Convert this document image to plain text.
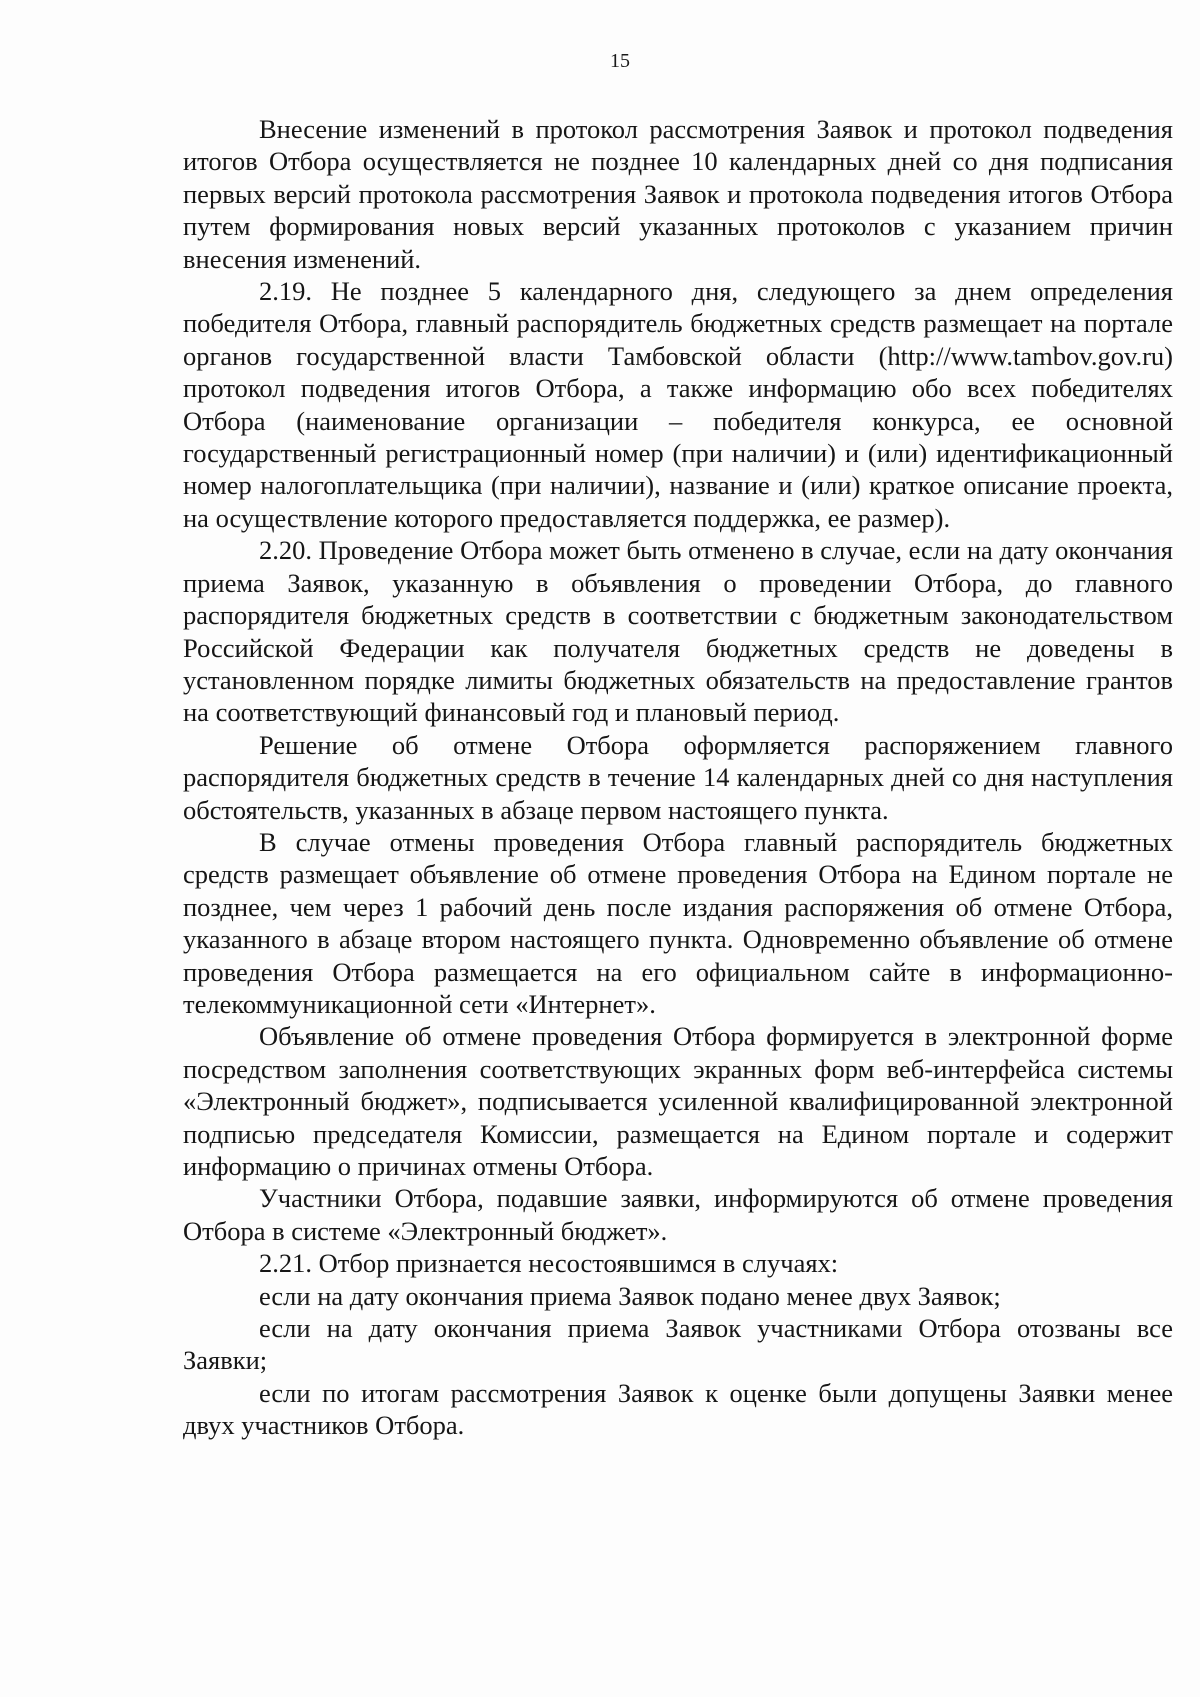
15

Внесение изменений в протокол рассмотрения Заявок и протокол подведения итогов Отбора осуществляется не позднее 10 календарных дней со дня подписания первых версий протокола рассмотрения Заявок и протокола подведения итогов Отбора путем формирования новых версий указанных протоколов с указанием причин внесения изменений.

2.19. Не позднее 5 календарного дня, следующего за днем определения победителя Отбора, главный распорядитель бюджетных средств размещает на портале органов государственной власти Тамбовской области (http://www.tambov.gov.ru) протокол подведения итогов Отбора, а также информацию обо всех победителях Отбора (наименование организации – победителя конкурса, ее основной государственный регистрационный номер (при наличии) и (или) идентификационный номер налогоплательщика (при наличии), название и (или) краткое описание проекта, на осуществление которого предоставляется поддержка, ее размер).

2.20. Проведение Отбора может быть отменено в случае, если на дату окончания приема Заявок, указанную в объявления о проведении Отбора, до главного распорядителя бюджетных средств в соответствии с бюджетным законодательством Российской Федерации как получателя бюджетных средств не доведены в установленном порядке лимиты бюджетных обязательств на предоставление грантов на соответствующий финансовый год и плановый период.

Решение об отмене Отбора оформляется распоряжением главного распорядителя бюджетных средств в течение 14 календарных дней со дня наступления обстоятельств, указанных в абзаце первом настоящего пункта.

В случае отмены проведения Отбора главный распорядитель бюджетных средств размещает объявление об отмене проведения Отбора на Едином портале не позднее, чем через 1 рабочий день после издания распоряжения об отмене Отбора, указанного в абзаце втором настоящего пункта. Одновременно объявление об отмене проведения Отбора размещается на его официальном сайте в информационно-телекоммуникационной сети «Интернет».

Объявление об отмене проведения Отбора формируется в электронной форме посредством заполнения соответствующих экранных форм веб-интерфейса системы «Электронный бюджет», подписывается усиленной квалифицированной электронной подписью председателя Комиссии, размещается на Едином портале и содержит информацию о причинах отмены Отбора.

Участники Отбора, подавшие заявки, информируются об отмене проведения Отбора в системе «Электронный бюджет».

2.21. Отбор признается несостоявшимся в случаях:

если на дату окончания приема Заявок подано менее двух Заявок;

если на дату окончания приема Заявок участниками Отбора отозваны все Заявки;

если по итогам рассмотрения Заявок к оценке были допущены Заявки менее двух участников Отбора.
